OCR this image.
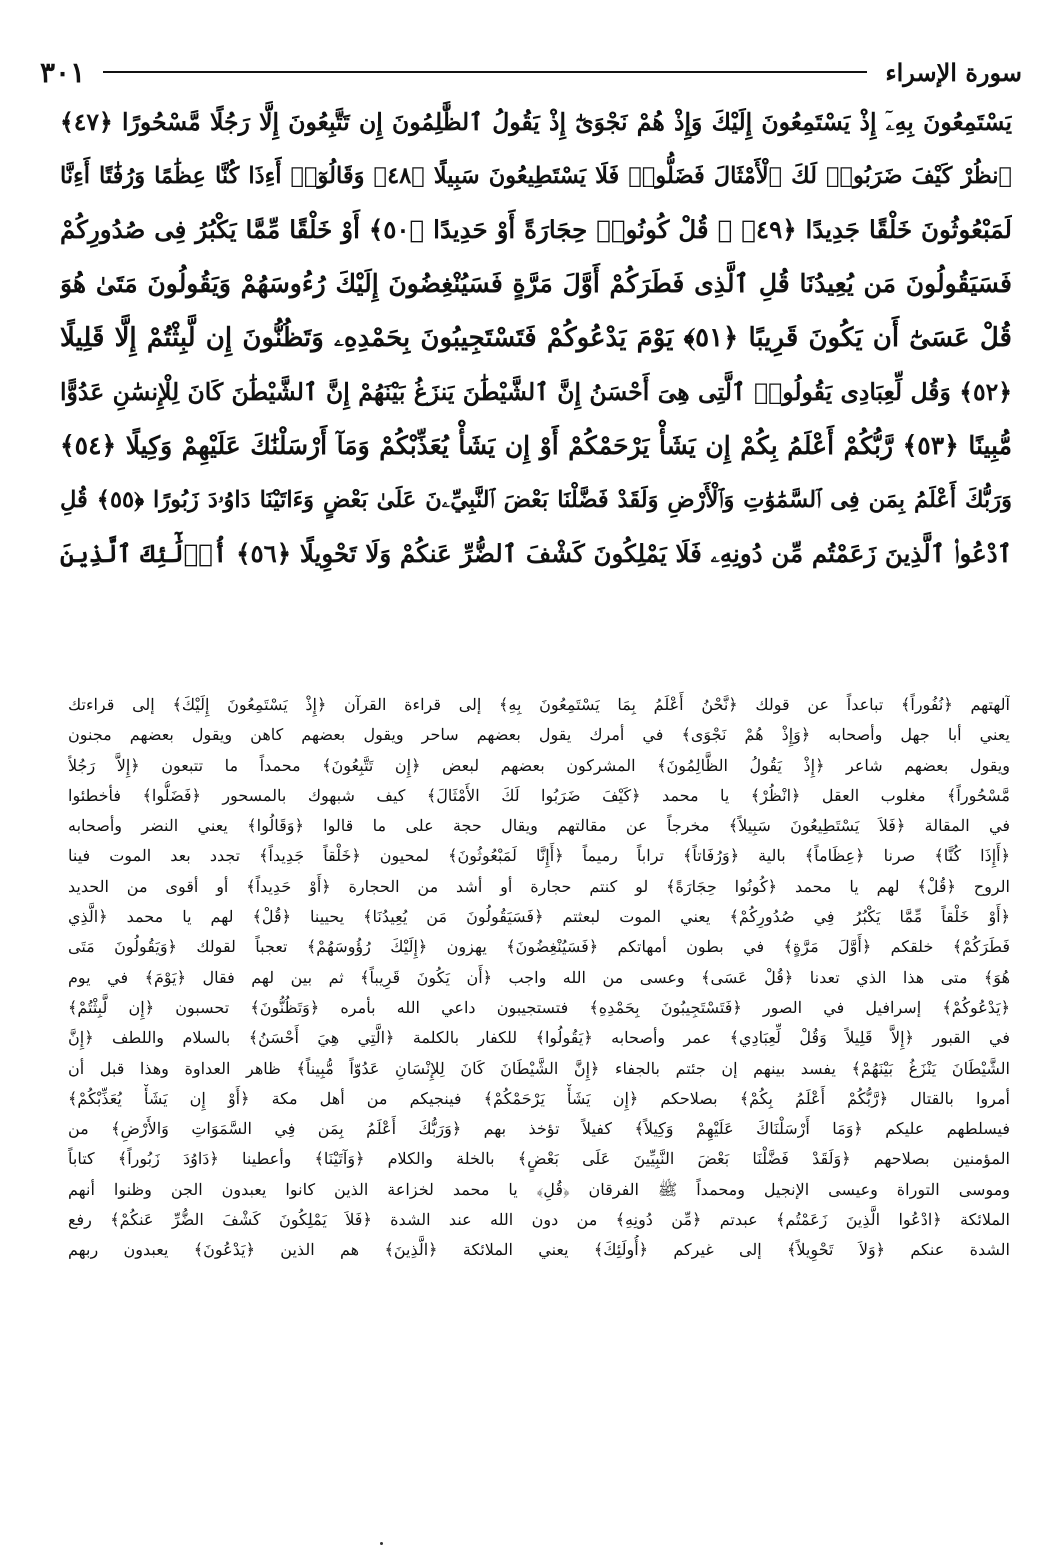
سورة الإسراء
٣٠١
يَسْتَمِعُونَ بِهِۦٓ إِذْ يَسْتَمِعُونَ إِلَيْكَ وَإِذْ هُمْ نَجْوَىٰٓ إِذْ يَقُولُ ٱلظَّٰلِمُونَ إِن تَتَّبِعُونَ إِلَّا رَجُلًا مَّسْحُورًا ﴿٤٧﴾
ٱنظُرْ كَيْفَ ضَرَبُوا۟ لَكَ ٱلْأَمْثَالَ فَضَلُّوا۟ فَلَا يَسْتَطِيعُونَ سَبِيلًا ﴿٤٨﴾ وَقَالُوٓا۟ أَءِذَا كُنَّا عِظَٰمًا وَرُفَٰتًا أَءِنَّا
لَمَبْعُوثُونَ خَلْقًا جَدِيدًا ﴿٤٩﴾ ۞ قُلْ كُونُوا۟ حِجَارَةً أَوْ حَدِيدًا ﴿٥٠﴾ أَوْ خَلْقًا مِّمَّا يَكْبُرُ فِى صُدُورِكُمْ
فَسَيَقُولُونَ مَن يُعِيدُنَا قُلِ ٱلَّذِى فَطَرَكُمْ أَوَّلَ مَرَّةٍ فَسَيُنْغِضُونَ إِلَيْكَ رُءُوسَهُمْ وَيَقُولُونَ مَتَىٰ هُوَ
قُلْ عَسَىٰٓ أَن يَكُونَ قَرِيبًا ﴿٥١﴾ يَوْمَ يَدْعُوكُمْ فَتَسْتَجِيبُونَ بِحَمْدِهِۦ وَتَظُنُّونَ إِن لَّبِثْتُمْ إِلَّا قَلِيلًا
﴿٥٢﴾ وَقُل لِّعِبَادِى يَقُولُوا۟ ٱلَّتِى هِىَ أَحْسَنُ إِنَّ ٱلشَّيْطَٰنَ يَنزَغُ بَيْنَهُمْ إِنَّ ٱلشَّيْطَٰنَ كَانَ لِلْإِنسَٰنِ عَدُوًّا
مُّبِينًا ﴿٥٣﴾ رَّبُّكُمْ أَعْلَمُ بِكُمْ إِن يَشَأْ يَرْحَمْكُمْ أَوْ إِن يَشَأْ يُعَذِّبْكُمْ وَمَآ أَرْسَلْنَٰكَ عَلَيْهِمْ وَكِيلًا ﴿٥٤﴾
وَرَبُّكَ أَعْلَمُ بِمَن فِى ٱلسَّمَٰوَٰتِ وَٱلْأَرْضِ وَلَقَدْ فَضَّلْنَا بَعْضَ ٱلنَّبِيِّۦنَ عَلَىٰ بَعْضٍ وَءَاتَيْنَا دَاوُۥدَ زَبُورًا ﴿٥٥﴾ قُلِ
ٱدْعُوا۟ ٱلَّذِينَ زَعَمْتُم مِّن دُونِهِۦ فَلَا يَمْلِكُونَ كَشْفَ ٱلضُّرِّ عَنكُمْ وَلَا تَحْوِيلًا ﴿٥٦﴾ أُو۟لَٰٓئِكَ ٱلَّذِينَ
آلهتهم ﴿نُفُوراً﴾ تباعداً عن قولك ﴿نَّحْنُ أَعْلَمُ بِمَا يَسْتَمِعُونَ بِهِ﴾ إلى قراءة القرآن ﴿إِذْ يَسْتَمِعُونَ إِلَيْكَ﴾ إلى قراءتك
يعني أبا جهل وأصحابه ﴿وَإِذْ هُمْ نَجْوَى﴾ في أمرك يقول بعضهم ساحر ويقول بعضهم كاهن ويقول بعضهم مجنون
ويقول بعضهم شاعر ﴿إِذْ يَقُولُ الظَّالِمُونَ﴾ المشركون بعضهم لبعض ﴿إِن تَتَّبِعُونَ﴾ محمداً ما تتبعون ﴿إِلاَّ رَجُلاً
مَّسْحُوراً﴾ مغلوب العقل ﴿انْظُرْ﴾ يا محمد ﴿كَيْفَ ضَرَبُوا لَكَ الأَمْثَالَ﴾ كيف شبهوك بالمسحور ﴿فَضَلُّوا﴾ فأخطئوا
في المقالة ﴿فَلاَ يَسْتَطِيعُونَ سَبِيلاً﴾ مخرجاً عن مقالتهم ويقال حجة على ما قالوا ﴿وَقَالُوا﴾ يعني النضر وأصحابه
﴿أَإِذَا كُنَّا﴾ صرنا ﴿عِظَاماً﴾ بالية ﴿وَرُفَاتاً﴾ تراباً رميماً ﴿أَإِنَّا لَمَبْعُوثُونَ﴾ لمحيون ﴿خَلْقاً جَدِيداً﴾ تجدد بعد الموت فينا
الروح ﴿قُلْ﴾ لهم يا محمد ﴿كُونُوا حِجَارَةً﴾ لو كنتم حجارة أو أشد من الحجارة ﴿أَوْ حَدِيداً﴾ أو أقوى من الحديد
﴿أَوْ خَلْقاً مِّمَّا يَكْبُرُ فِي صُدُورِكُمْ﴾ يعني الموت لبعثتم ﴿فَسَيَقُولُونَ مَن يُعِيدُنَا﴾ يحيينا ﴿قُلْ﴾ لهم يا محمد ﴿الَّذِي
فَطَرَكُمْ﴾ خلقكم ﴿أَوَّلَ مَرَّةٍ﴾ في بطون أمهاتكم ﴿فَسَيُنْغِضُونَ﴾ يهزون ﴿إِلَيْكَ رُؤُوسَهُمْ﴾ تعجباً لقولك ﴿وَيَقُولُونَ مَتَى
هُوَ﴾ متى هذا الذي تعدنا ﴿قُلْ عَسَى﴾ وعسى من الله واجب ﴿أَن يَكُونَ قَرِيباً﴾ ثم بين لهم فقال ﴿يَوْمَ﴾ في يوم
﴿يَدْعُوكُمْ﴾ إسرافيل في الصور ﴿فَتَسْتَجِيبُونَ بِحَمْدِهِ﴾ فتستجيبون داعي الله بأمره ﴿وَتَظُنُّونَ﴾ تحسبون ﴿إِن لَّبِثْتُمْ﴾
في القبور ﴿إِلاَّ قَلِيلاً وَقُلْ لِّعِبَادِي﴾ عمر وأصحابه ﴿يَقُولُوا﴾ للكفار بالكلمة ﴿الَّتِي هِيَ أَحْسَنُ﴾ بالسلام واللطف ﴿إِنَّ
الشَّيْطَانَ يَنْزَغُ بَيْنَهُمْ﴾ يفسد بينهم إن جئتم بالجفاء ﴿إِنَّ الشَّيْطَانَ كَانَ لِلإِنْسَانِ عَدُوّاً مُّبِيناً﴾ ظاهر العداوة وهذا قبل أن
أمروا بالقتال ﴿رَّبُّكُمْ أَعْلَمُ بِكُمْ﴾ بصلاحكم ﴿إِن يَشَأْ يَرْحَمْكُمْ﴾ فينجيكم من أهل مكة ﴿أَوْ إِن يَشَأْ يُعَذِّبْكُمْ﴾
فيسلطهم عليكم ﴿وَمَا أَرْسَلْنَاكَ عَلَيْهِمْ وَكِيلاً﴾ كفيلاً تؤخذ بهم ﴿وَرَبُّكَ أَعْلَمُ بِمَن فِي السَّمَوَاتِ وَالأَرْضِ﴾ من
المؤمنين بصلاحهم ﴿وَلَقَدْ فَضَّلْنَا بَعْضَ النَّبِيِّينَ عَلَى بَعْضٍ﴾ بالخلة والكلام ﴿وَآتَيْنَا﴾ وأعطينا ﴿دَاوُدَ زَبُوراً﴾ كتاباً
وموسى التوراة وعيسى الإنجيل ومحمداً ﷺ الفرقان ﴿قُلِ﴾ يا محمد لخزاعة الذين كانوا يعبدون الجن وظنوا أنهم
الملائكة ﴿ادْعُوا الَّذِينَ زَعَمْتُم﴾ عبدتم ﴿مِّن دُونِهِ﴾ من دون الله عند الشدة ﴿فَلاَ يَمْلِكُونَ كَشْفَ الضُّرِّ عَنكُمْ﴾ رفع
الشدة عنكم ﴿وَلاَ تَحْوِيلاً﴾ إلى غيركم ﴿أُولَئِكَ﴾ يعني الملائكة ﴿الَّذِينَ﴾ هم الذين ﴿يَدْعُونَ﴾ يعبدون ربهم
